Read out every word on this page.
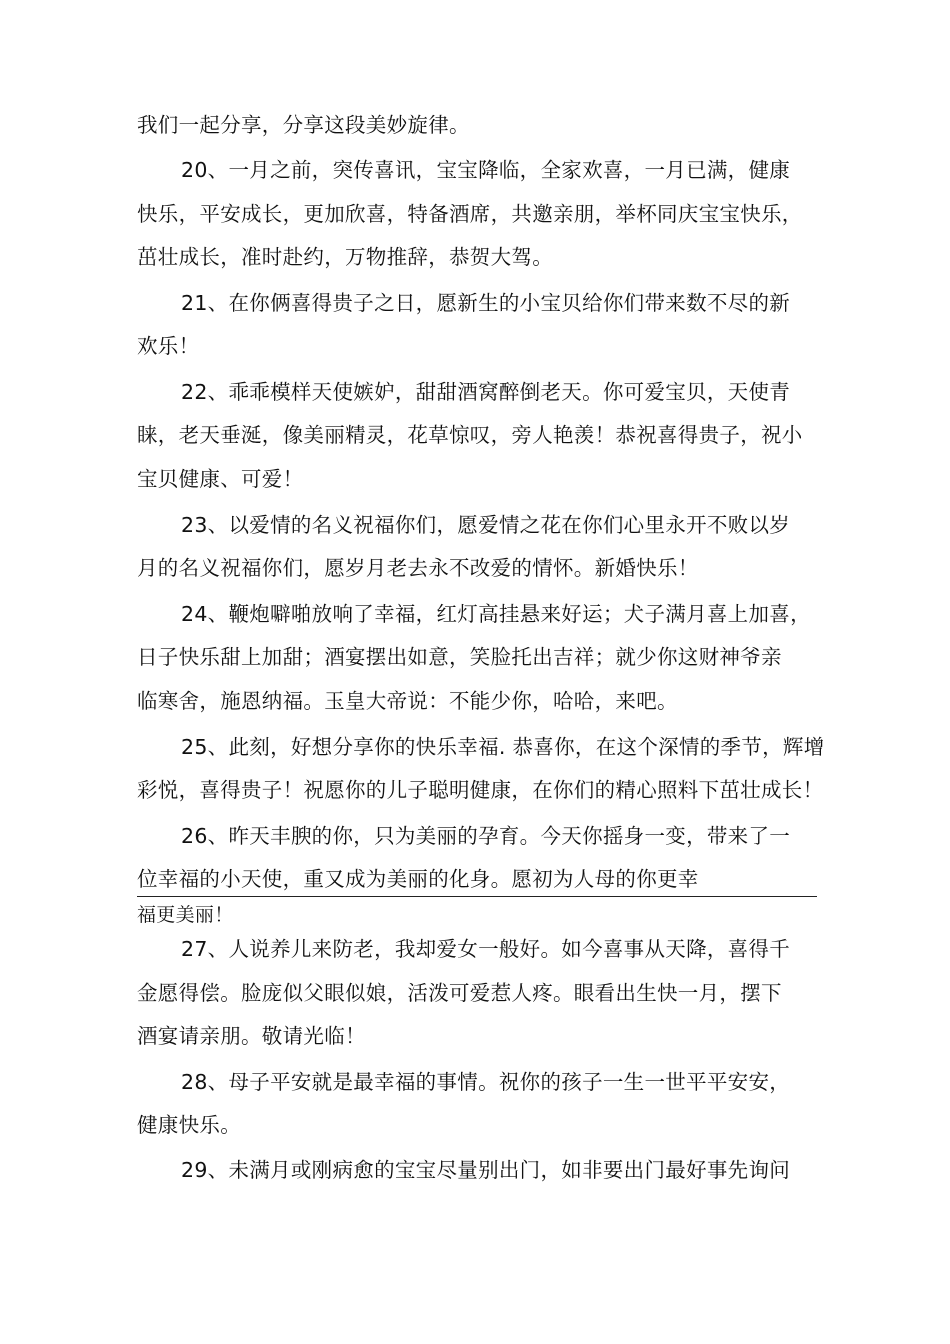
我们一起分享，分享这段美妙旋律。
20、一月之前，突传喜讯，宝宝降临，全家欢喜，一月已满，健康
快乐，平安成长，更加欣喜，特备酒席，共邀亲朋，举杯同庆宝宝快乐，
茁壮成长，准时赴约，万物推辞，恭贺大驾。
21、在你俩喜得贵子之日，愿新生的小宝贝给你们带来数不尽的新
欢乐！
22、乖乖模样天使嫉妒，甜甜酒窝醉倒老天。你可爱宝贝，天使青
睐，老天垂涎，像美丽精灵，花草惊叹，旁人艳羡！恭祝喜得贵子，祝小
宝贝健康、可爱！
23、以爱情的名义祝福你们，愿爱情之花在你们心里永开不败以岁
月的名义祝福你们，愿岁月老去永不改爱的情怀。新婚快乐！
24、鞭炮噼啪放响了幸福，红灯高挂悬来好运；犬子满月喜上加喜，
日子快乐甜上加甜；酒宴摆出如意，笑脸托出吉祥；就少你这财神爷亲
临寒舍，施恩纳福。玉皇大帝说：不能少你，哈哈，来吧。
25、此刻，好想分享你的快乐幸福. 恭喜你，在这个深情的季节，辉增
彩悦，喜得贵子！祝愿你的儿子聪明健康，在你们的精心照料下茁壮成长！
26、昨天丰腴的你，只为美丽的孕育。今天你摇身一变，带来了一
位幸福的小天使，重又成为美丽的化身。愿初为人母的你更幸
福更美丽！
27、人说养儿来防老，我却爱女一般好。如今喜事从天降，喜得千
金愿得偿。脸庞似父眼似娘，活泼可爱惹人疼。眼看出生快一月，摆下
酒宴请亲朋。敬请光临！
28、母子平安就是最幸福的事情。祝你的孩子一生一世平平安安，
健康快乐。
29、未满月或刚病愈的宝宝尽量别出门，如非要出门最好事先询问
